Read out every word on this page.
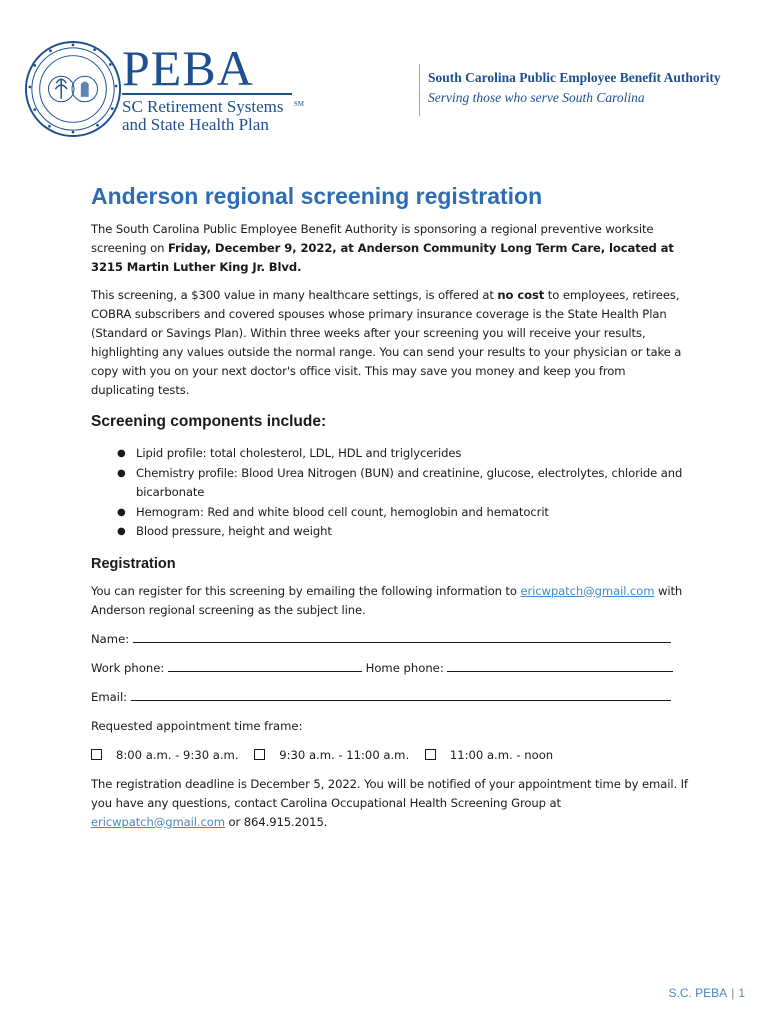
PEBA
SM
SC Retirement Systems
and State Health Plan
South Carolina Public Employee Benefit Authority
Serving those who serve South Carolina
Anderson regional screening registration

The South Carolina Public Employee Benefit Authority is sponsoring a regional preventive worksite screening on Friday, December 9, 2022, at Anderson Community Long Term Care, located at 3215 Martin Luther King Jr. Blvd.

This screening, a $300 value in many healthcare settings, is offered at no cost to employees, retirees, COBRA subscribers and covered spouses whose primary insurance coverage is the State Health Plan (Standard or Savings Plan). Within three weeks after your screening you will receive your results, highlighting any values outside the normal range. You can send your results to your physician or take a copy with you on your next doctor's office visit. This may save you money and keep you from duplicating tests.

Screening components include:
● Lipid profile: total cholesterol, LDL, HDL and triglycerides
● Chemistry profile: Blood Urea Nitrogen (BUN) and creatinine, glucose, electrolytes, chloride and bicarbonate
● Hemogram: Red and white blood cell count, hemoglobin and hematocrit
● Blood pressure, height and weight
Registration

You can register for this screening by emailing the following information to ericwpatch@gmail.com with Anderson regional screening as the subject line.

Name:
Work phone:	Home phone:
Email:
Requested appointment time frame:
8:00 a.m. - 9:30 a.m.	9:30 a.m. - 11:00 a.m.	11:00 a.m. - noon

The registration deadline is December 5, 2022. You will be notified of your appointment time by email. If you have any questions, contact Carolina Occupational Health Screening Group at ericwpatch@gmail.com or 864.915.2015.

S.C. PEBA | 1
